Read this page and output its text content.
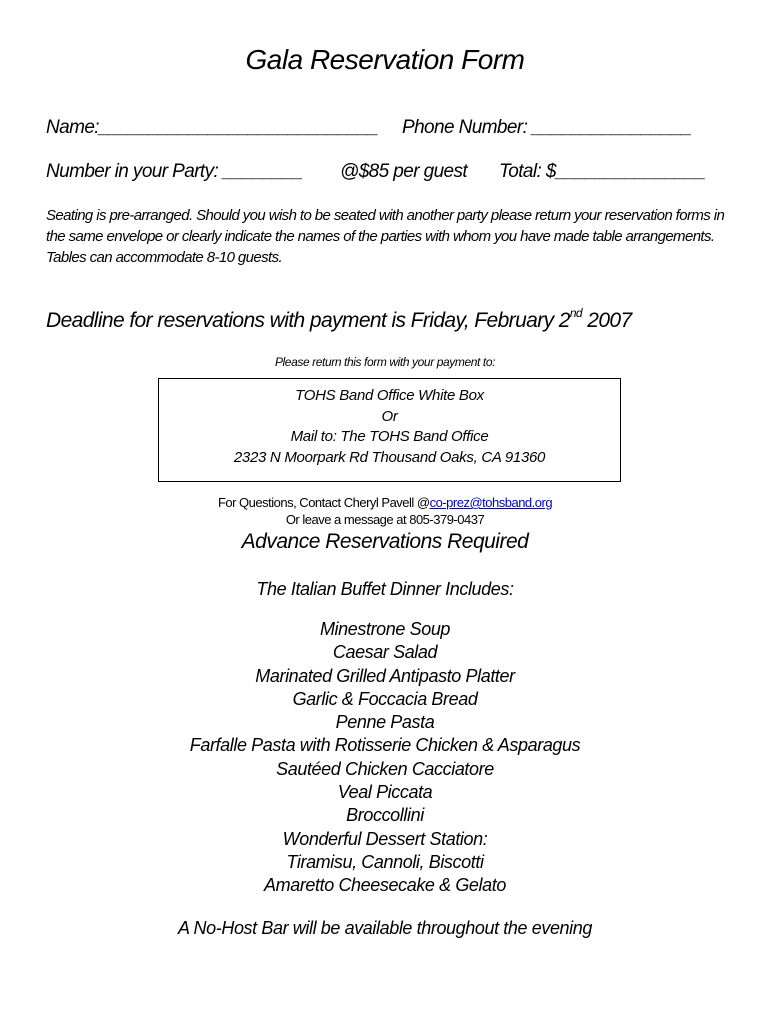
Gala Reservation Form
Name:____________________________ Phone Number: ________________
Number in your Party: ________ @$85 per guest Total: $_______________
Seating is pre-arranged. Should you wish to be seated with another party please return your reservation forms in the same envelope or clearly indicate the names of the parties with whom you have made table arrangements. Tables can accommodate 8-10 guests.
Deadline for reservations with payment is Friday, February 2nd 2007
Please return this form with your payment to:
TOHS Band Office White Box
Or
Mail to: The TOHS Band Office
2323 N Moorpark Rd Thousand Oaks, CA 91360
For Questions, Contact Cheryl Pavell @co-prez@tohsband.org
Or leave a message at 805-379-0437
Advance Reservations Required
The Italian Buffet Dinner Includes:
Minestrone Soup
Caesar Salad
Marinated Grilled Antipasto Platter
Garlic & Foccacia Bread
Penne Pasta
Farfalle Pasta with Rotisserie Chicken & Asparagus
Sautéed Chicken Cacciatore
Veal Piccata
Broccollini
Wonderful Dessert Station:
Tiramisu, Cannoli, Biscotti
Amaretto Cheesecake & Gelato
A No-Host Bar will be available throughout the evening
